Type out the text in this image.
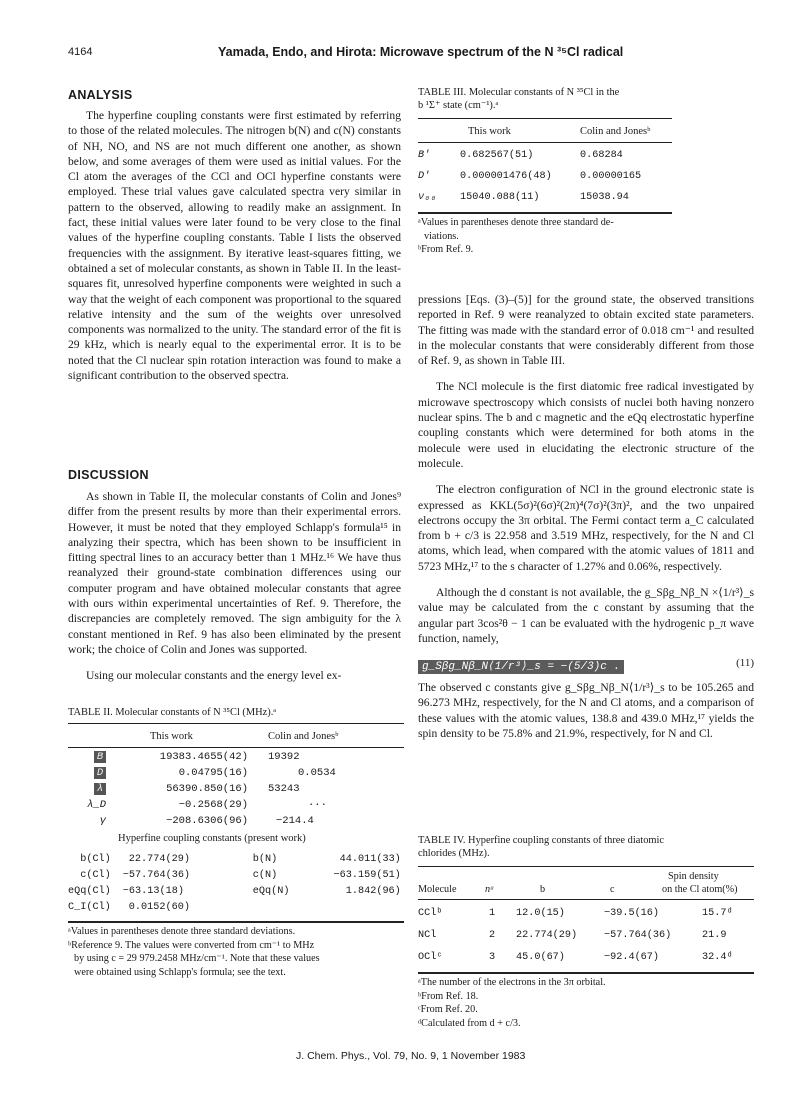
4164	Yamada, Endo, and Hirota: Microwave spectrum of the N ³⁵Cl radical
ANALYSIS

The hyperfine coupling constants were first estimated by referring to those of the related molecules. The nitrogen b(N) and c(N) constants of NH, NO, and NS are not much different one another, as shown below, and some averages of them were used as initial values. For the Cl atom the averages of the CCl and OCl hyperfine constants were employed. These trial values gave calculated spectra very similar in pattern to the observed, allowing to readily make an assignment. In fact, these initial values were later found to be very close to the final values of the hyperfine coupling constants. Table I lists the observed frequencies with the assignment. By iterative least-squares fitting, we obtained a set of molecular constants, as shown in Table II. In the least-squares fit, unresolved hyperfine components were weighted in such a way that the weight of each component was proportional to the squared relative intensity and the sum of the weights over unresolved components was normalized to the unity. The standard error of the fit is 29 kHz, which is nearly equal to the experimental error. It is to be noted that the Cl nuclear spin rotation interaction was found to make a significant contribution to the observed spectra.

DISCUSSION

As shown in Table II, the molecular constants of Colin and Jones⁹ differ from the present results by more than their experimental errors. However, it must be noted that they employed Schlapp's formula¹⁵ in analyzing their spectra, which has been shown to be insufficient in fitting spectral lines to an accuracy better than 1 MHz.¹⁶ We have thus reanalyzed their ground-state combination differences using our computer program and have obtained molecular constants that agree with ours within experimental uncertainties of Ref. 9. Therefore, the discrepancies are completely removed. The sign ambiguity for the λ constant mentioned in Ref. 9 has also been eliminated by the present work; the choice of Colin and Jones was supported.

Using our molecular constants and the energy level ex-

TABLE II. Molecular constants of N ³⁵Cl (MHz).ᵃ
This work	Colin and Jonesᵇ
B	19383.4655(42)		19392
D	0.04795(16)		0.0534
λ	56390.850(16)		53243
λ_D	−0.2568(29)		···
γ	−208.6306(96)		−214.4
Hyperfine coupling constants (present work)
b(Cl)	22.774(29)	b(N)	44.011(33)
c(Cl)	−57.764(36)	c(N)	−63.159(51)
eQq(Cl)	−63.13(18)	eQq(N)	1.842(96)
C_I(Cl)	0.0152(60)		
ᵃValues in parentheses denote three standard deviations.
ᵇReference 9. The values were converted from cm⁻¹ to MHz
by using c = 29 979.2458 MHz/cm⁻¹. Note that these values
were obtained using Schlapp's formula; see the text.
TABLE III. Molecular constants of N ³⁵Cl in the
b ¹Σ⁺ state (cm⁻¹).ᵃ
This work	Colin and Jonesᵇ
B′	0.682567(51)	0.68284
D′	0.000001476(48)	0.00000165
ν₀₀	15040.088(11)	15038.94
ᵃValues in parentheses denote three standard de-
viations.
ᵇFrom Ref. 9.

pressions [Eqs. (3)–(5)] for the ground state, the observed transitions reported in Ref. 9 were reanalyzed to obtain excited state parameters. The fitting was made with the standard error of 0.018 cm⁻¹ and resulted in the molecular constants that were considerably different from those of Ref. 9, as shown in Table III.

The NCl molecule is the first diatomic free radical investigated by microwave spectroscopy which consists of nuclei both having nonzero nuclear spins. The b and c magnetic and the eQq electrostatic hyperfine coupling constants which were determined for both atoms in the molecule were used in elucidating the electronic structure of the molecule.

The electron configuration of NCl in the ground electronic state is expressed as KKL(5σ)²(6σ)²(2π)⁴(7σ)²(3π)², and the two unpaired electrons occupy the 3π orbital. The Fermi contact term a_C calculated from b + c/3 is 22.958 and 3.519 MHz, respectively, for the N and Cl atoms, which lead, when compared with the atomic values of 1811 and 5723 MHz,¹⁷ to the s character of 1.27% and 0.06%, respectively.

Although the d constant is not available, the g_Sβg_Nβ_N ×⟨1/r³⟩_s value may be calculated from the c constant by assuming that the angular part 3cos²θ − 1 can be evaluated with the hydrogenic p_π wave function, namely,

g_Sβg_Nβ_N⟨1/r³⟩_s = −(5/3)c .	(11)

The observed c constants give g_Sβg_Nβ_N⟨1/r³⟩_s to be 105.265 and 96.273 MHz, respectively, for the N and Cl atoms, and a comparison of these values with the atomic values, 138.8 and 439.0 MHz,¹⁷ yields the spin density to be 75.8% and 21.9%, respectively, for N and Cl.

TABLE IV. Hyperfine coupling constants of three diatomic
chlorides (MHz).
Spin density
Molecule	nᵃ	b	c	on the Cl atom(%)
CClᵇ	1	12.0(15)	−39.5(16)	15.7ᵈ
NCl	2	22.774(29)	−57.764(36)	21.9
OClᶜ	3	45.0(67)	−92.4(67)	32.4ᵈ
ᵃThe number of the electrons in the 3π orbital.
ᵇFrom Ref. 18.
ᶜFrom Ref. 20.
ᵈCalculated from d + c/3.
J. Chem. Phys., Vol. 79, No. 9, 1 November 1983
